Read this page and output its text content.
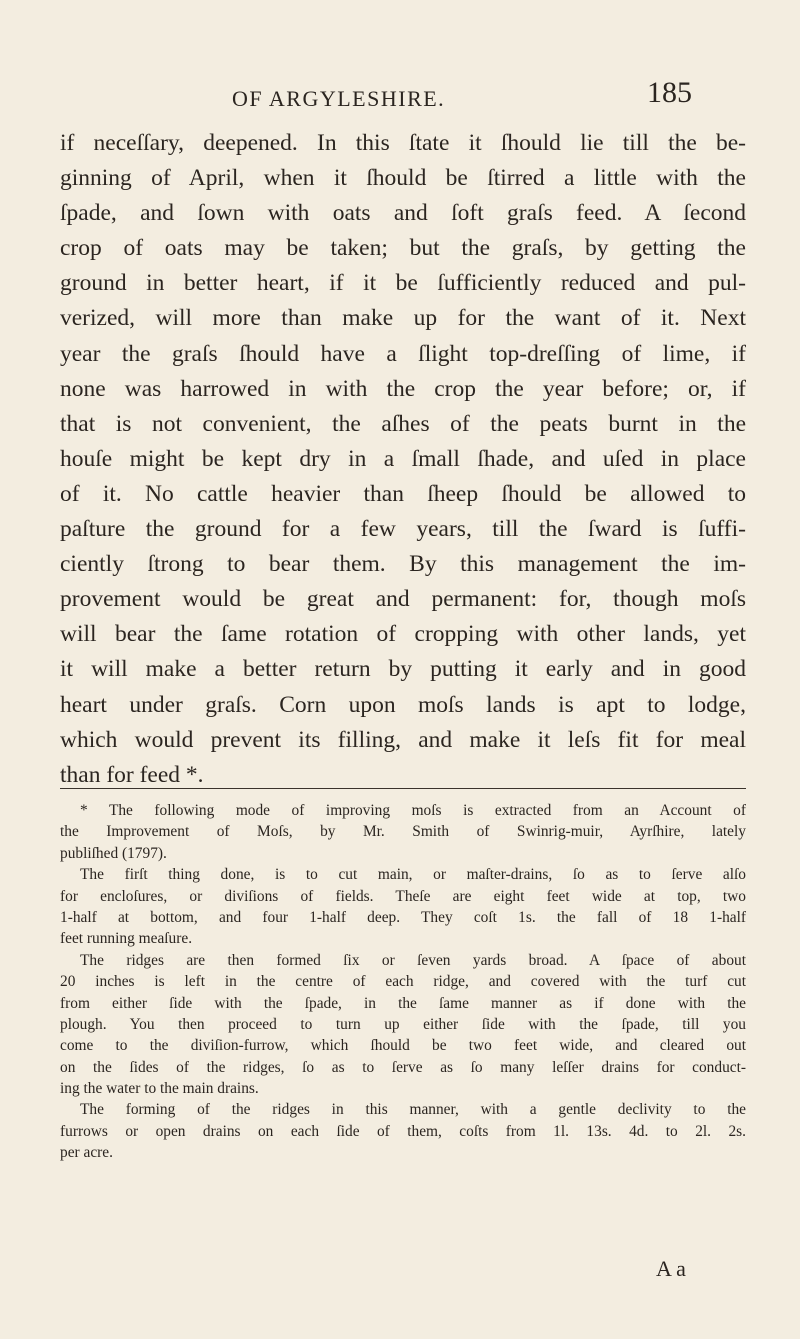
OF ARGYLESHIRE.	185
if neceſſary, deepened. In this ſtate it ſhould lie till the be-
ginning of April, when it ſhould be ſtirred a little with the
ſpade, and ſown with oats and ſoft graſs feed. A ſecond
crop of oats may be taken; but the graſs, by getting the
ground in better heart, if it be ſufficiently reduced and pul-
verized, will more than make up for the want of it. Next
year the graſs ſhould have a ſlight top-dreſſing of lime, if
none was harrowed in with the crop the year before; or, if
that is not convenient, the aſhes of the peats burnt in the
houſe might be kept dry in a ſmall ſhade, and uſed in place
of it. No cattle heavier than ſheep ſhould be allowed to
paſture the ground for a few years, till the ſward is ſuffi-
ciently ſtrong to bear them. By this management the im-
provement would be great and permanent: for, though moſs
will bear the ſame rotation of cropping with other lands, yet
it will make a better return by putting it early and in good
heart under graſs. Corn upon moſs lands is apt to lodge,
which would prevent its filling, and make it leſs fit for meal
than for feed *.
* The following mode of improving moſs is extracted from an Account of
the Improvement of Moſs, by Mr. Smith of Swinrig-muir, Ayrſhire, lately
publiſhed (1797).
The firſt thing done, is to cut main, or maſter-drains, ſo as to ſerve alſo
for encloſures, or diviſions of fields. Theſe are eight feet wide at top, two
1-half at bottom, and four 1-half deep. They coſt 1s. the fall of 18 1-half
feet running meaſure.
The ridges are then formed ſix or ſeven yards broad. A ſpace of about
20 inches is left in the centre of each ridge, and covered with the turf cut
from either ſide with the ſpade, in the ſame manner as if done with the
plough. You then proceed to turn up either ſide with the ſpade, till you
come to the diviſion-furrow, which ſhould be two feet wide, and cleared out
on the ſides of the ridges, ſo as to ſerve as ſo many leſſer drains for conduct-
ing the water to the main drains.
The forming of the ridges in this manner, with a gentle declivity to the
furrows or open drains on each ſide of them, coſts from 1l. 13s. 4d. to 2l. 2s.
per acre.
A a
